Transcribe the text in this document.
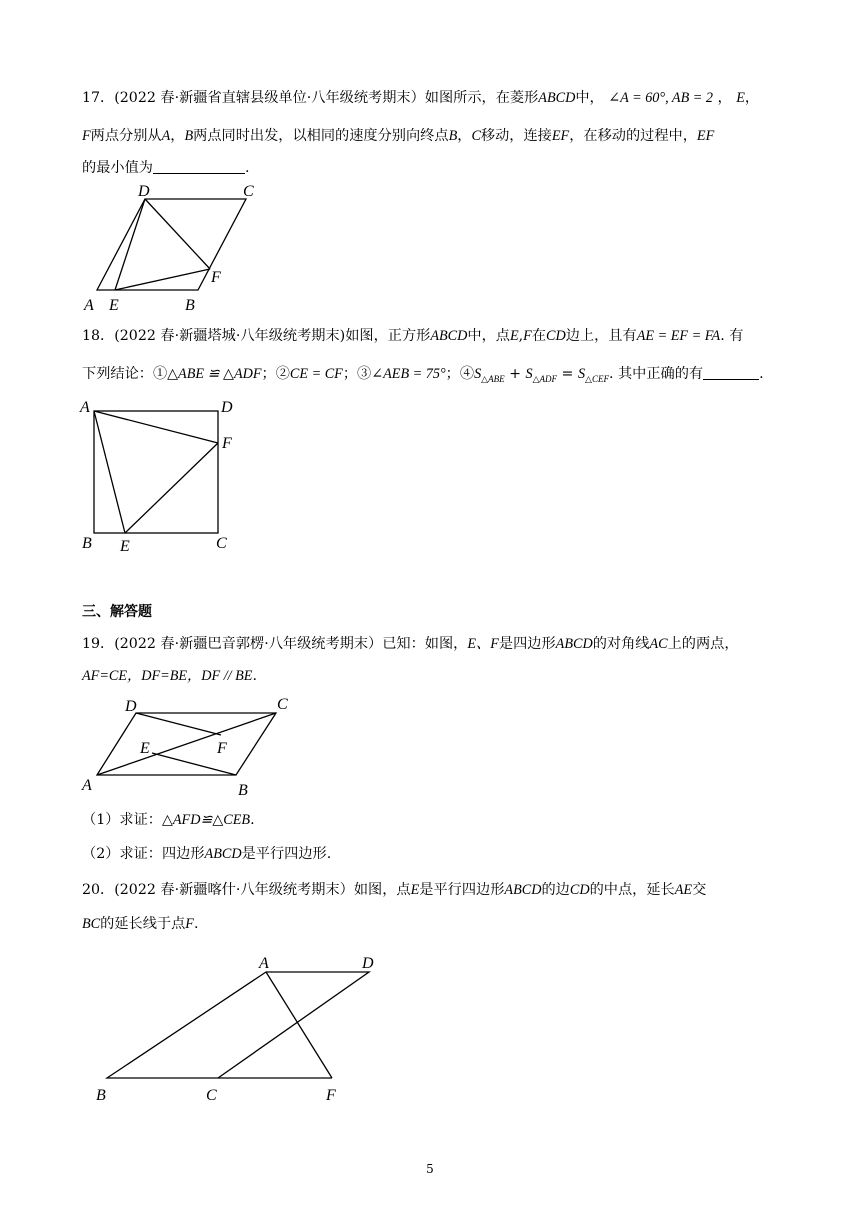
17．(2022 春·新疆省直辖县级单位·八年级统考期末）如图所示，在菱形ABCD中， ∠A = 60°, AB = 2 ， E，
F两点分别从A，B两点同时出发，以相同的速度分别向终点B，C移动，连接EF，在移动的过程中，EF
的最小值为	.
D	C
F
A E	B
18．(2022 春·新疆塔城·八年级统考期末)如图，正方形ABCD中，点E,F在CD边上，且有AE = EF = FA. 有
下列结论：①△ABE ≌ △ADF；②CE = CF；③∠AEB = 75°；$④S_{\triangle ABE} + S_{\triangle ADF} = S_{\triangle CEF}$. 其中正确的有	.
A	D
F
B E	C
三、解答题
19．(2022 春·新疆巴音郭楞·八年级统考期末）已知：如图，E、F是四边形ABCD的对角线AC上的两点，
AF=CE，DF=BE，DF // BE.
D	C
E	F
A	B
（1）求证：△AFD≌△CEB.
（2）求证：四边形ABCD是平行四边形.
20．(2022 春·新疆喀什·八年级统考期末）如图，点E是平行四边形ABCD的边CD的中点，延长AE交
BC的延长线于点F.
A	D
B	C	F
5
